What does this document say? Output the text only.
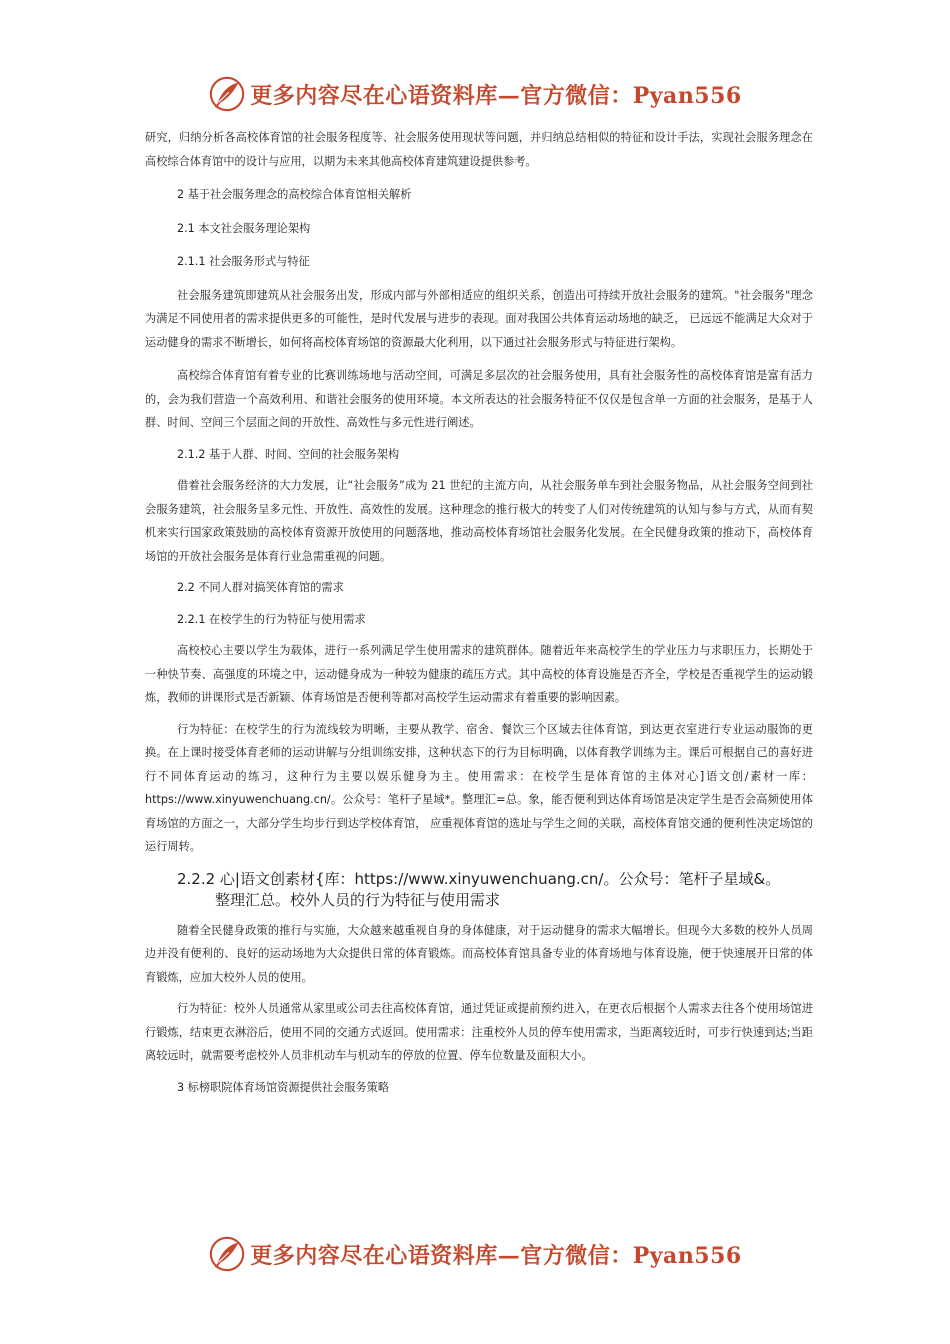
更多内容尽在心语资料库—官方微信：Pyan556

研究，归纳分析各高校体育馆的社会服务程度等、社会服务使用现状等问题，并归纳总结相似的特征和设计手法，实现社会服务理念在高校综合体育馆中的设计与应用，以期为未来其他高校体育建筑建设提供参考。

2 基于社会服务理念的高校综合体育馆相关解析

2.1 本文社会服务理论架构

2.1.1 社会服务形式与特征

社会服务建筑即建筑从社会服务出发，形成内部与外部相适应的组织关系，创造出可持续开放社会服务的建筑。"社会服务"理念为满足不同使用者的需求提供更多的可能性，是时代发展与进步的表现。面对我国公共体育运动场地的缺乏， 已远远不能满足大众对于运动健身的需求不断增长，如何将高校体育场馆的资源最大化利用，以下通过社会服务形式与特征进行架构。

高校综合体育馆有着专业的比赛训练场地与活动空间，可满足多层次的社会服务使用，具有社会服务性的高校体育馆是富有活力的，会为我们营造一个高效利用、和谐社会服务的使用环境。本文所表达的社会服务特征不仅仅是包含单一方面的社会服务，是基于人群、时间、空间三个层面之间的开放性、高效性与多元性进行阐述。

2.1.2 基于人群、时间、空间的社会服务架构

借着社会服务经济的大力发展，让“社会服务”成为 21 世纪的主流方向，从社会服务单车到社会服务物品，从社会服务空间到社会服务建筑，社会服务呈多元性、开放性、高效性的发展。这种理念的推行极大的转变了人们对传统建筑的认知与参与方式，从而有契机来实行国家政策鼓励的高校体育资源开放使用的问题落地，推动高校体育场馆社会服务化发展。在全民健身政策的推动下，高校体育场馆的开放社会服务是体育行业急需重视的问题。

2.2 不同人群对搞笑体育馆的需求

2.2.1 在校学生的行为特征与使用需求

高校校心主要以学生为载体，进行一系列满足学生使用需求的建筑群体。随着近年来高校学生的学业压力与求职压力，长期处于一种快节奏、高强度的环境之中，运动健身成为一种较为健康的疏压方式。其中高校的体育设施是否齐全，学校是否重视学生的运动锻炼，教师的讲课形式是否新颖、体育场馆是否便利等都对高校学生运动需求有着重要的影响因素。

行为特征：在校学生的行为流线较为明晰，主要从教学、宿舍、餐饮三个区域去往体育馆，到达更衣室进行专业运动服饰的更换。在上课时接受体育老师的运动讲解与分组训练安排，这种状态下的行为目标明确，以体育教学训练为主。课后可根据自己的喜好进行不同体育运动的练习，这种行为主要以娱乐健身为主。使用需求：在校学生是体育馆的主体对心]语文创/素材一库：https://www.xinyuwenchuang.cn/。公众号：笔杆子星域*。整理汇=总。象，能否便利到达体育场馆是决定学生是否会高频使用体育场馆的方面之一，大部分学生均步行到达学校体育馆， 应重视体育馆的选址与学生之间的关联，高校体育馆交通的便利性决定场馆的运行周转。

2.2.2 心|语文创素材{库：https://www.xinyuwenchuang.cn/。公众号：笔杆子星域&。
整理汇总。校外人员的行为特征与使用需求

随着全民健身政策的推行与实施，大众越来越重视自身的身体健康，对于运动健身的需求大幅增长。但现今大多数的校外人员周边并没有便利的、良好的运动场地为大众提供日常的体育锻炼。而高校体育馆具备专业的体育场地与体育设施，便于快速展开日常的体育锻炼，应加大校外人员的使用。

行为特征：校外人员通常从家里或公司去往高校体育馆，通过凭证或提前预约进入，在更衣后根据个人需求去往各个使用场馆进行锻炼，结束更衣淋浴后，使用不同的交通方式返回。使用需求：注重校外人员的停车使用需求，当距离较近时，可步行快速到达;当距离较远时，就需要考虑校外人员非机动车与机动车的停放的位置、停车位数量及面积大小。

3 标榜职院体育场馆资源提供社会服务策略

更多内容尽在心语资料库—官方微信：Pyan556
